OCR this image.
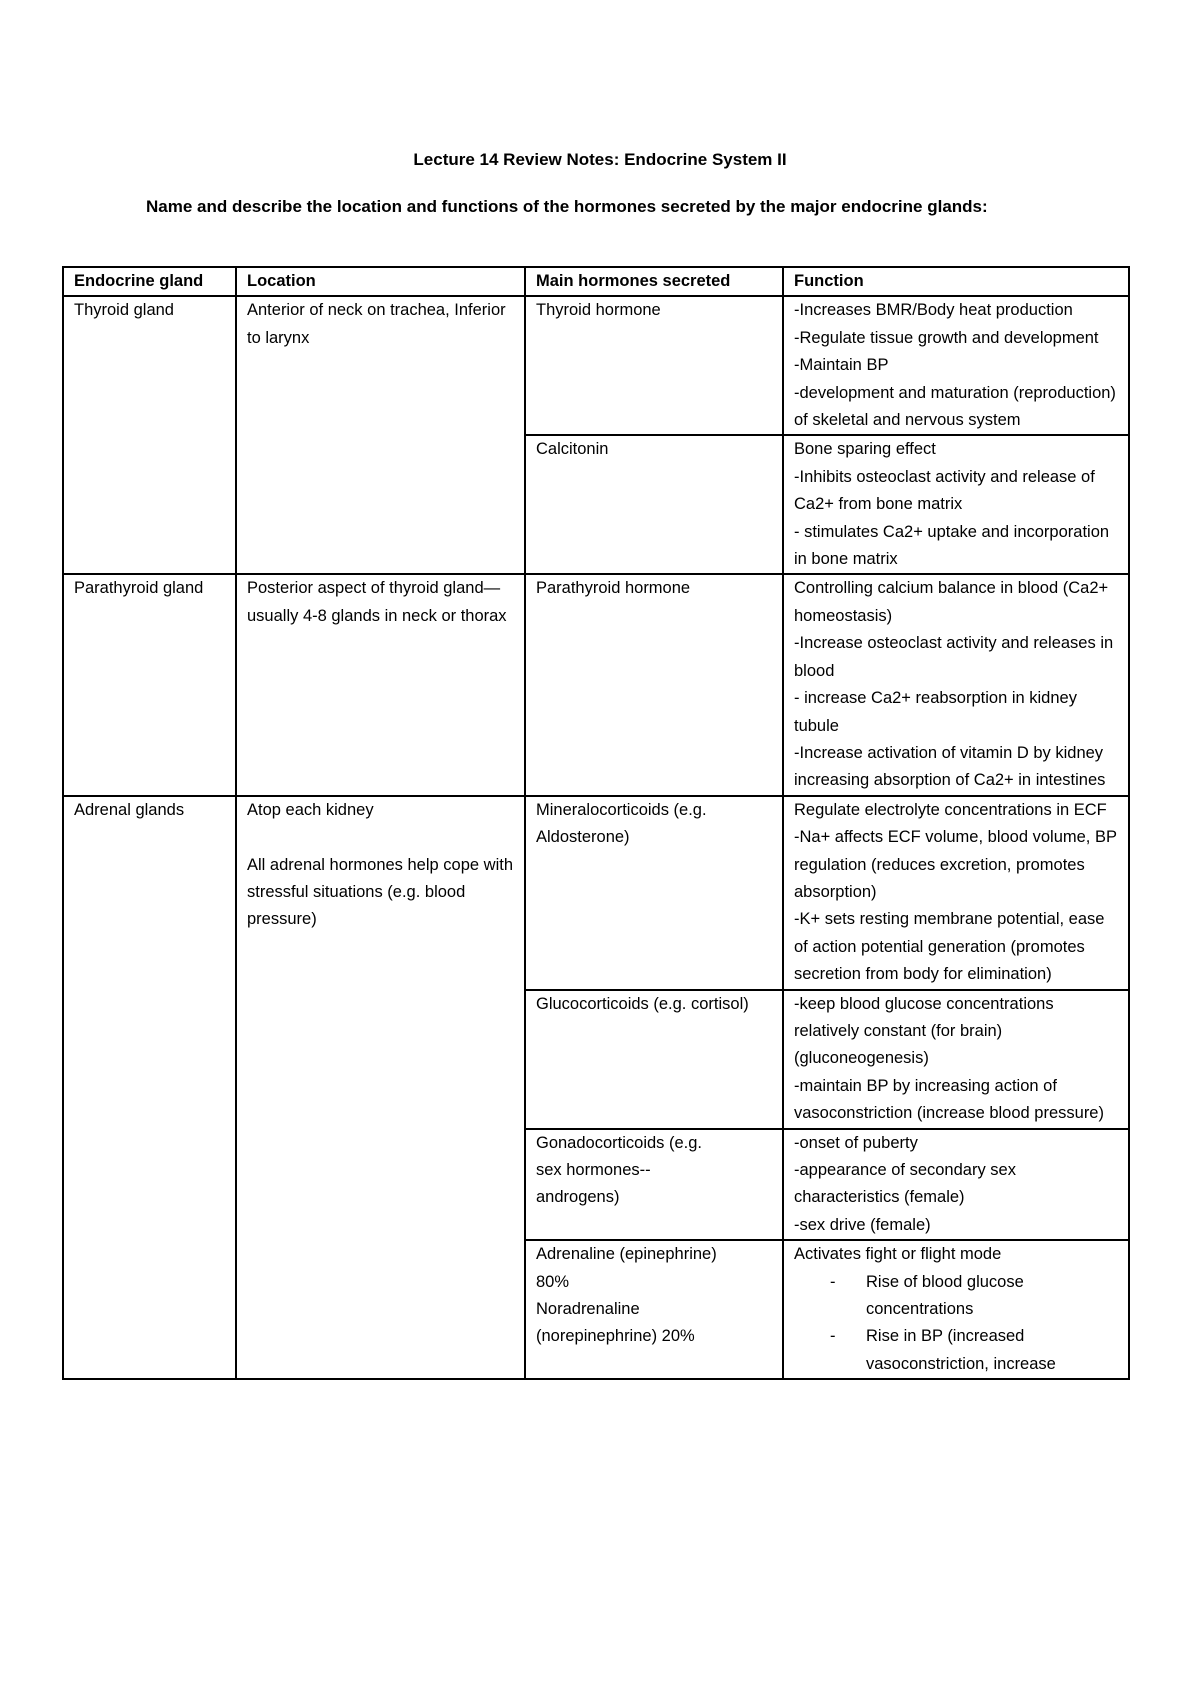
Lecture 14 Review Notes: Endocrine System II
Name and describe the location and functions of the hormones secreted by the major endocrine glands:
Endocrine gland	Location	Main hormones secreted	Function
Thyroid gland	Anterior of neck on trachea, Inferior to larynx	Thyroid hormone	-Increases BMR/Body heat production
-Regulate tissue growth and development
-Maintain BP
-development and maturation (reproduction) of skeletal and nervous system

		Calcitonin	Bone sparing effect
-Inhibits osteoclast activity and release of Ca2+ from bone matrix
- stimulates Ca2+ uptake and incorporation in bone matrix

Parathyroid gland	Posterior aspect of thyroid gland—usually 4-8 glands in neck or thorax	Parathyroid hormone	Controlling calcium balance in blood (Ca2+ homeostasis)
-Increase osteoclast activity and releases in blood
- increase Ca2+ reabsorption in kidney tubule
-Increase activation of vitamin D by kidney increasing absorption of Ca2+ in intestines

Adrenal glands	Atop each kidney
All adrenal hormones help cope with stressful situations (e.g. blood pressure)	Mineralocorticoids (e.g. Aldosterone)	Regulate electrolyte concentrations in ECF
-Na+ affects ECF volume, blood volume, BP regulation (reduces excretion, promotes absorption)
-K+ sets resting membrane potential, ease of action potential generation (promotes secretion from body for elimination)

		Glucocorticoids (e.g. cortisol)	-keep blood glucose concentrations relatively constant (for brain) (gluconeogenesis)
-maintain BP by increasing action of vasoconstriction (increase blood pressure)

		Gonadocorticoids (e.g.
sex hormones--
androgens)	-onset of puberty
-appearance of secondary sex characteristics (female)
-sex drive (female)

		Adrenaline (epinephrine)
80%
Noradrenaline
(norepinephrine) 20%	Activates fight or flight mode
- Rise of blood glucose concentrations
- Rise in BP (increased vasoconstriction, increase
